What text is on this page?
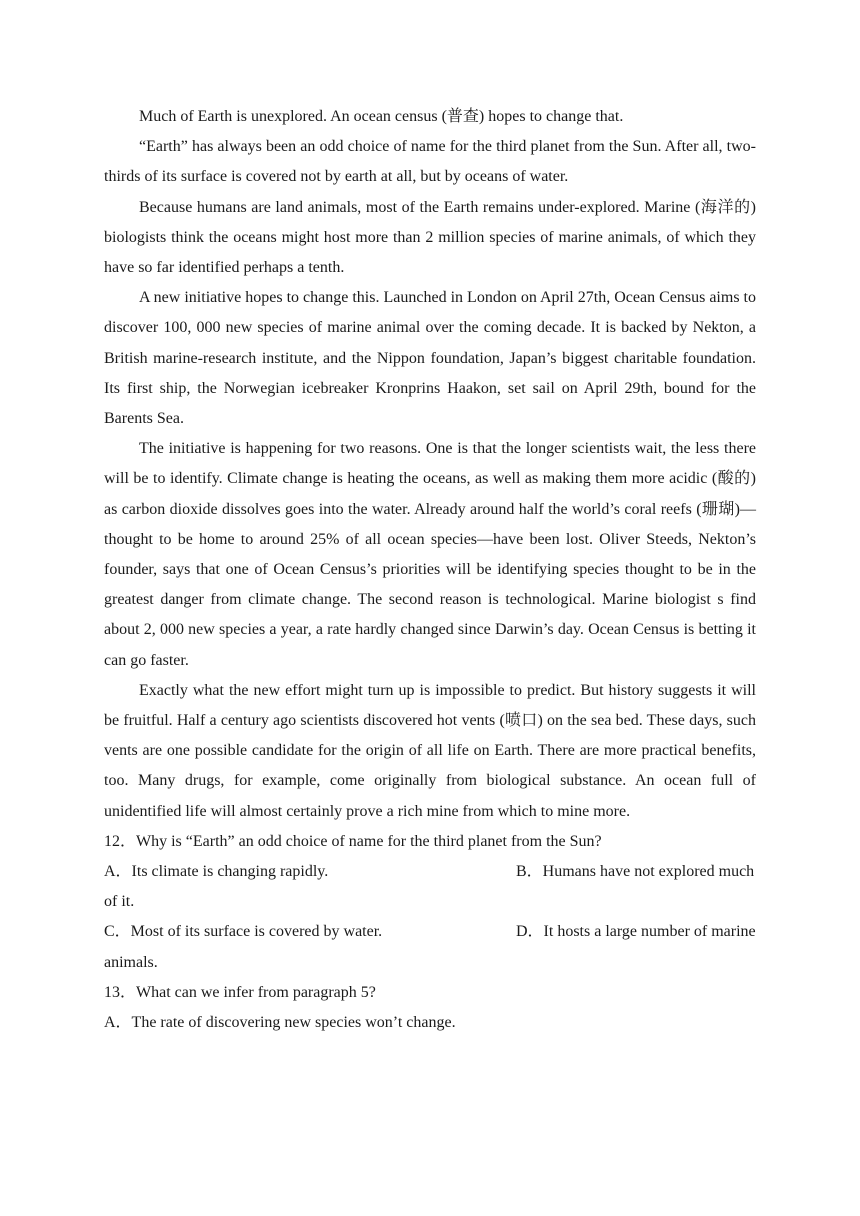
Much of Earth is unexplored. An ocean census (普查) hopes to change that.

“Earth” has always been an odd choice of name for the third planet from the Sun. After all, two-thirds of its surface is covered not by earth at all, but by oceans of water.

Because humans are land animals, most of the Earth remains under-explored. Marine (海洋的) biologists think the oceans might host more than 2 million species of marine animals, of which they have so far identified perhaps a tenth.

A new initiative hopes to change this. Launched in London on April 27th, Ocean Census aims to discover 100, 000 new species of marine animal over the coming decade. It is backed by Nekton, a British marine-research institute, and the Nippon foundation, Japan’s biggest charitable foundation. Its first ship, the Norwegian icebreaker Kronprins Haakon, set sail on April 29th, bound for the Barents Sea.

The initiative is happening for two reasons. One is that the longer scientists wait, the less there will be to identify. Climate change is heating the oceans, as well as making them more acidic (酸的) as carbon dioxide dissolves goes into the water. Already around half the world’s coral reefs (珊瑚)—thought to be home to around 25% of all ocean species—have been lost. Oliver Steeds, Nekton’s founder, says that one of Ocean Census’s priorities will be identifying species thought to be in the greatest danger from climate change. The second reason is technological. Marine biologist s find about 2, 000 new species a year, a rate hardly changed since Darwin’s day. Ocean Census is betting it can go faster.

Exactly what the new effort might turn up is impossible to predict. But history suggests it will be fruitful. Half a century ago scientists discovered hot vents (喷口) on the sea bed. These days, such vents are one possible candidate for the origin of all life on Earth. There are more practical benefits, too. Many drugs, for example, come originally from biological substance. An ocean full of unidentified life will almost certainly prove a rich mine from which to mine more.

12．Why is “Earth” an odd choice of name for the third planet from the Sun?
A．Its climate is changing rapidly.	B．Humans have not explored much of it.
C．Most of its surface is covered by water.	D．It hosts a large number of marine animals.
13．What can we infer from paragraph 5?
A．The rate of discovering new species won’t change.
